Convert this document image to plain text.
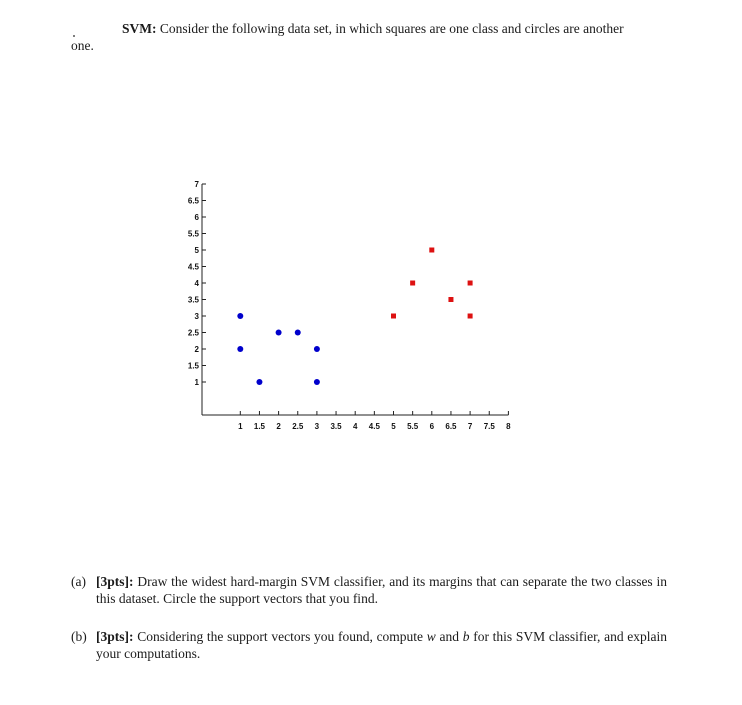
SVM: Consider the following data set, in which squares are one class and circles are another
one.
1
1.5
2
2.5
3
3.5
4
4.5
5
5.5
6
6.5
7
1 1.5 2 2.5 3 3.5 4 4.5 5 5.5 6 6.5 7 7.5 8
(a) [3pts]: Draw the widest hard-margin SVM classifier, and its margins that can separate the two classes in this dataset. Circle the support vectors that you find.
(b) [3pts]: Considering the support vectors you found, compute w and b for this SVM classifier, and explain your computations.
